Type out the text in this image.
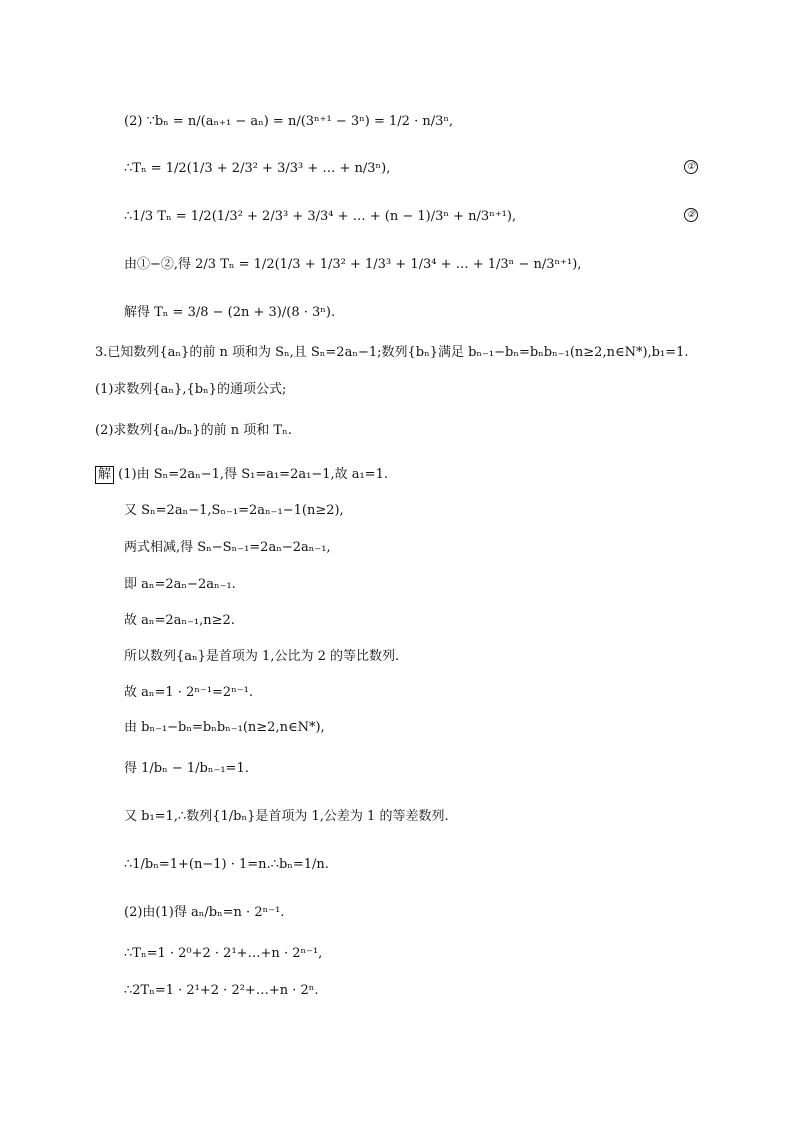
(2) ∵bₙ = n/(aₙ₊₁ − aₙ) = n/(3ⁿ⁺¹ − 3ⁿ) = 1/2 · n/3ⁿ,
∴Tₙ = 1/2(1/3 + 2/3² + 3/3³ + … + n/3ⁿ),	①
∴1/3 Tₙ = 1/2(1/3² + 2/3³ + 3/3⁴ + … + (n − 1)/3ⁿ + n/3ⁿ⁺¹),	②
由①−②,得 2/3 Tₙ = 1/2(1/3 + 1/3² + 1/3³ + 1/3⁴ + … + 1/3ⁿ − n/3ⁿ⁺¹),
解得 Tₙ = 3/8 − (2n + 3)/(8 · 3ⁿ).
3.已知数列{aₙ}的前 n 项和为 Sₙ,且 Sₙ=2aₙ−1;数列{bₙ}满足 bₙ₋₁−bₙ=bₙbₙ₋₁(n≥2,n∈N*),b₁=1.
(1)求数列{aₙ},{bₙ}的通项公式;
(2)求数列{aₙ/bₙ}的前 n 项和 Tₙ.
解 (1)由 Sₙ=2aₙ−1,得 S₁=a₁=2a₁−1,故 a₁=1.
又 Sₙ=2aₙ−1,Sₙ₋₁=2aₙ₋₁−1(n≥2),
两式相减,得 Sₙ−Sₙ₋₁=2aₙ−2aₙ₋₁,
即 aₙ=2aₙ−2aₙ₋₁.
故 aₙ=2aₙ₋₁,n≥2.
所以数列{aₙ}是首项为 1,公比为 2 的等比数列.
故 aₙ=1 · 2ⁿ⁻¹=2ⁿ⁻¹.
由 bₙ₋₁−bₙ=bₙbₙ₋₁(n≥2,n∈N*),
得 1/bₙ − 1/bₙ₋₁=1.
又 b₁=1,∴数列{1/bₙ}是首项为 1,公差为 1 的等差数列.
∴1/bₙ=1+(n−1) · 1=n.∴bₙ=1/n.
(2)由(1)得 aₙ/bₙ=n · 2ⁿ⁻¹.
∴Tₙ=1 · 2⁰+2 · 2¹+…+n · 2ⁿ⁻¹,
∴2Tₙ=1 · 2¹+2 · 2²+…+n · 2ⁿ.
